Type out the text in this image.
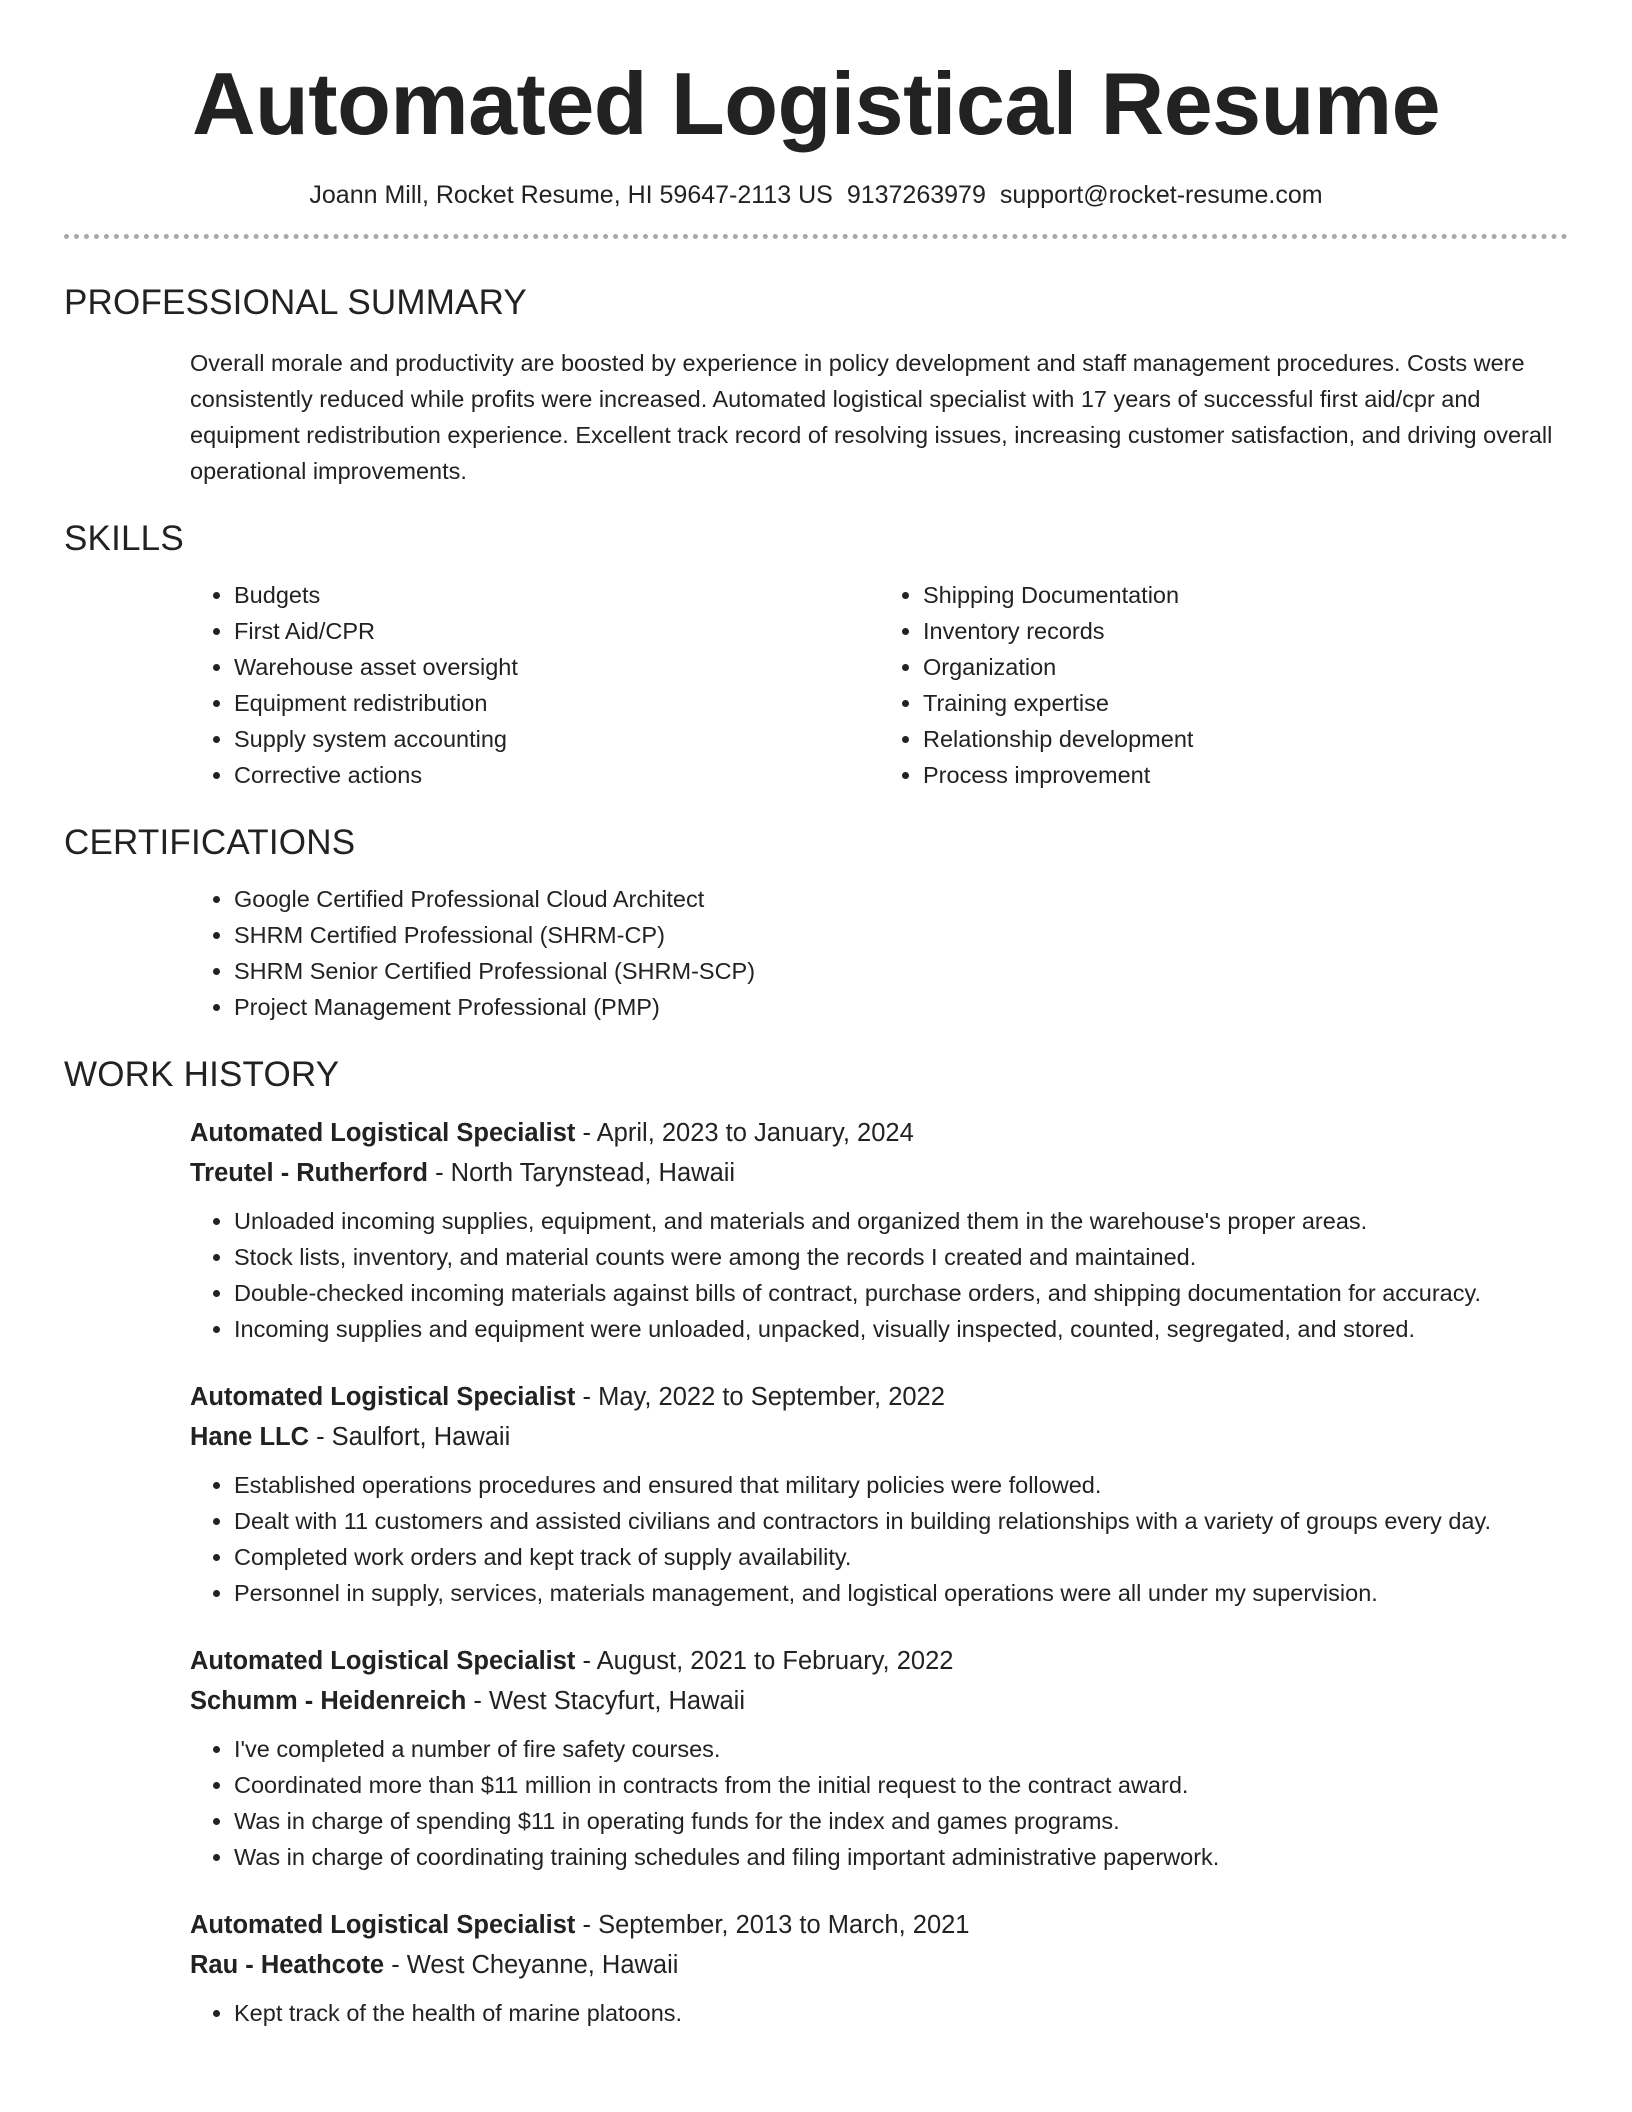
Automated Logistical Resume
Joann Mill, Rocket Resume, HI 59647-2113 US 9137263979 support@rocket-resume.com
PROFESSIONAL SUMMARY
Overall morale and productivity are boosted by experience in policy development and staff management procedures. Costs were consistently reduced while profits were increased. Automated logistical specialist with 17 years of successful first aid/cpr and equipment redistribution experience. Excellent track record of resolving issues, increasing customer satisfaction, and driving overall operational improvements.
SKILLS
• Budgets
• First Aid/CPR
• Warehouse asset oversight
• Equipment redistribution
• Supply system accounting
• Corrective actions
• Shipping Documentation
• Inventory records
• Organization
• Training expertise
• Relationship development
• Process improvement
CERTIFICATIONS
• Google Certified Professional Cloud Architect
• SHRM Certified Professional (SHRM-CP)
• SHRM Senior Certified Professional (SHRM-SCP)
• Project Management Professional (PMP)
WORK HISTORY
Automated Logistical Specialist - April, 2023 to January, 2024
Treutel - Rutherford - North Tarynstead, Hawaii
• Unloaded incoming supplies, equipment, and materials and organized them in the warehouse's proper areas.
• Stock lists, inventory, and material counts were among the records I created and maintained.
• Double-checked incoming materials against bills of contract, purchase orders, and shipping documentation for accuracy.
• Incoming supplies and equipment were unloaded, unpacked, visually inspected, counted, segregated, and stored.
Automated Logistical Specialist - May, 2022 to September, 2022
Hane LLC - Saulfort, Hawaii
• Established operations procedures and ensured that military policies were followed.
• Dealt with 11 customers and assisted civilians and contractors in building relationships with a variety of groups every day.
• Completed work orders and kept track of supply availability.
• Personnel in supply, services, materials management, and logistical operations were all under my supervision.
Automated Logistical Specialist - August, 2021 to February, 2022
Schumm - Heidenreich - West Stacyfurt, Hawaii
• I've completed a number of fire safety courses.
• Coordinated more than $11 million in contracts from the initial request to the contract award.
• Was in charge of spending $11 in operating funds for the index and games programs.
• Was in charge of coordinating training schedules and filing important administrative paperwork.
Automated Logistical Specialist - September, 2013 to March, 2021
Rau - Heathcote - West Cheyanne, Hawaii
• Kept track of the health of marine platoons.
